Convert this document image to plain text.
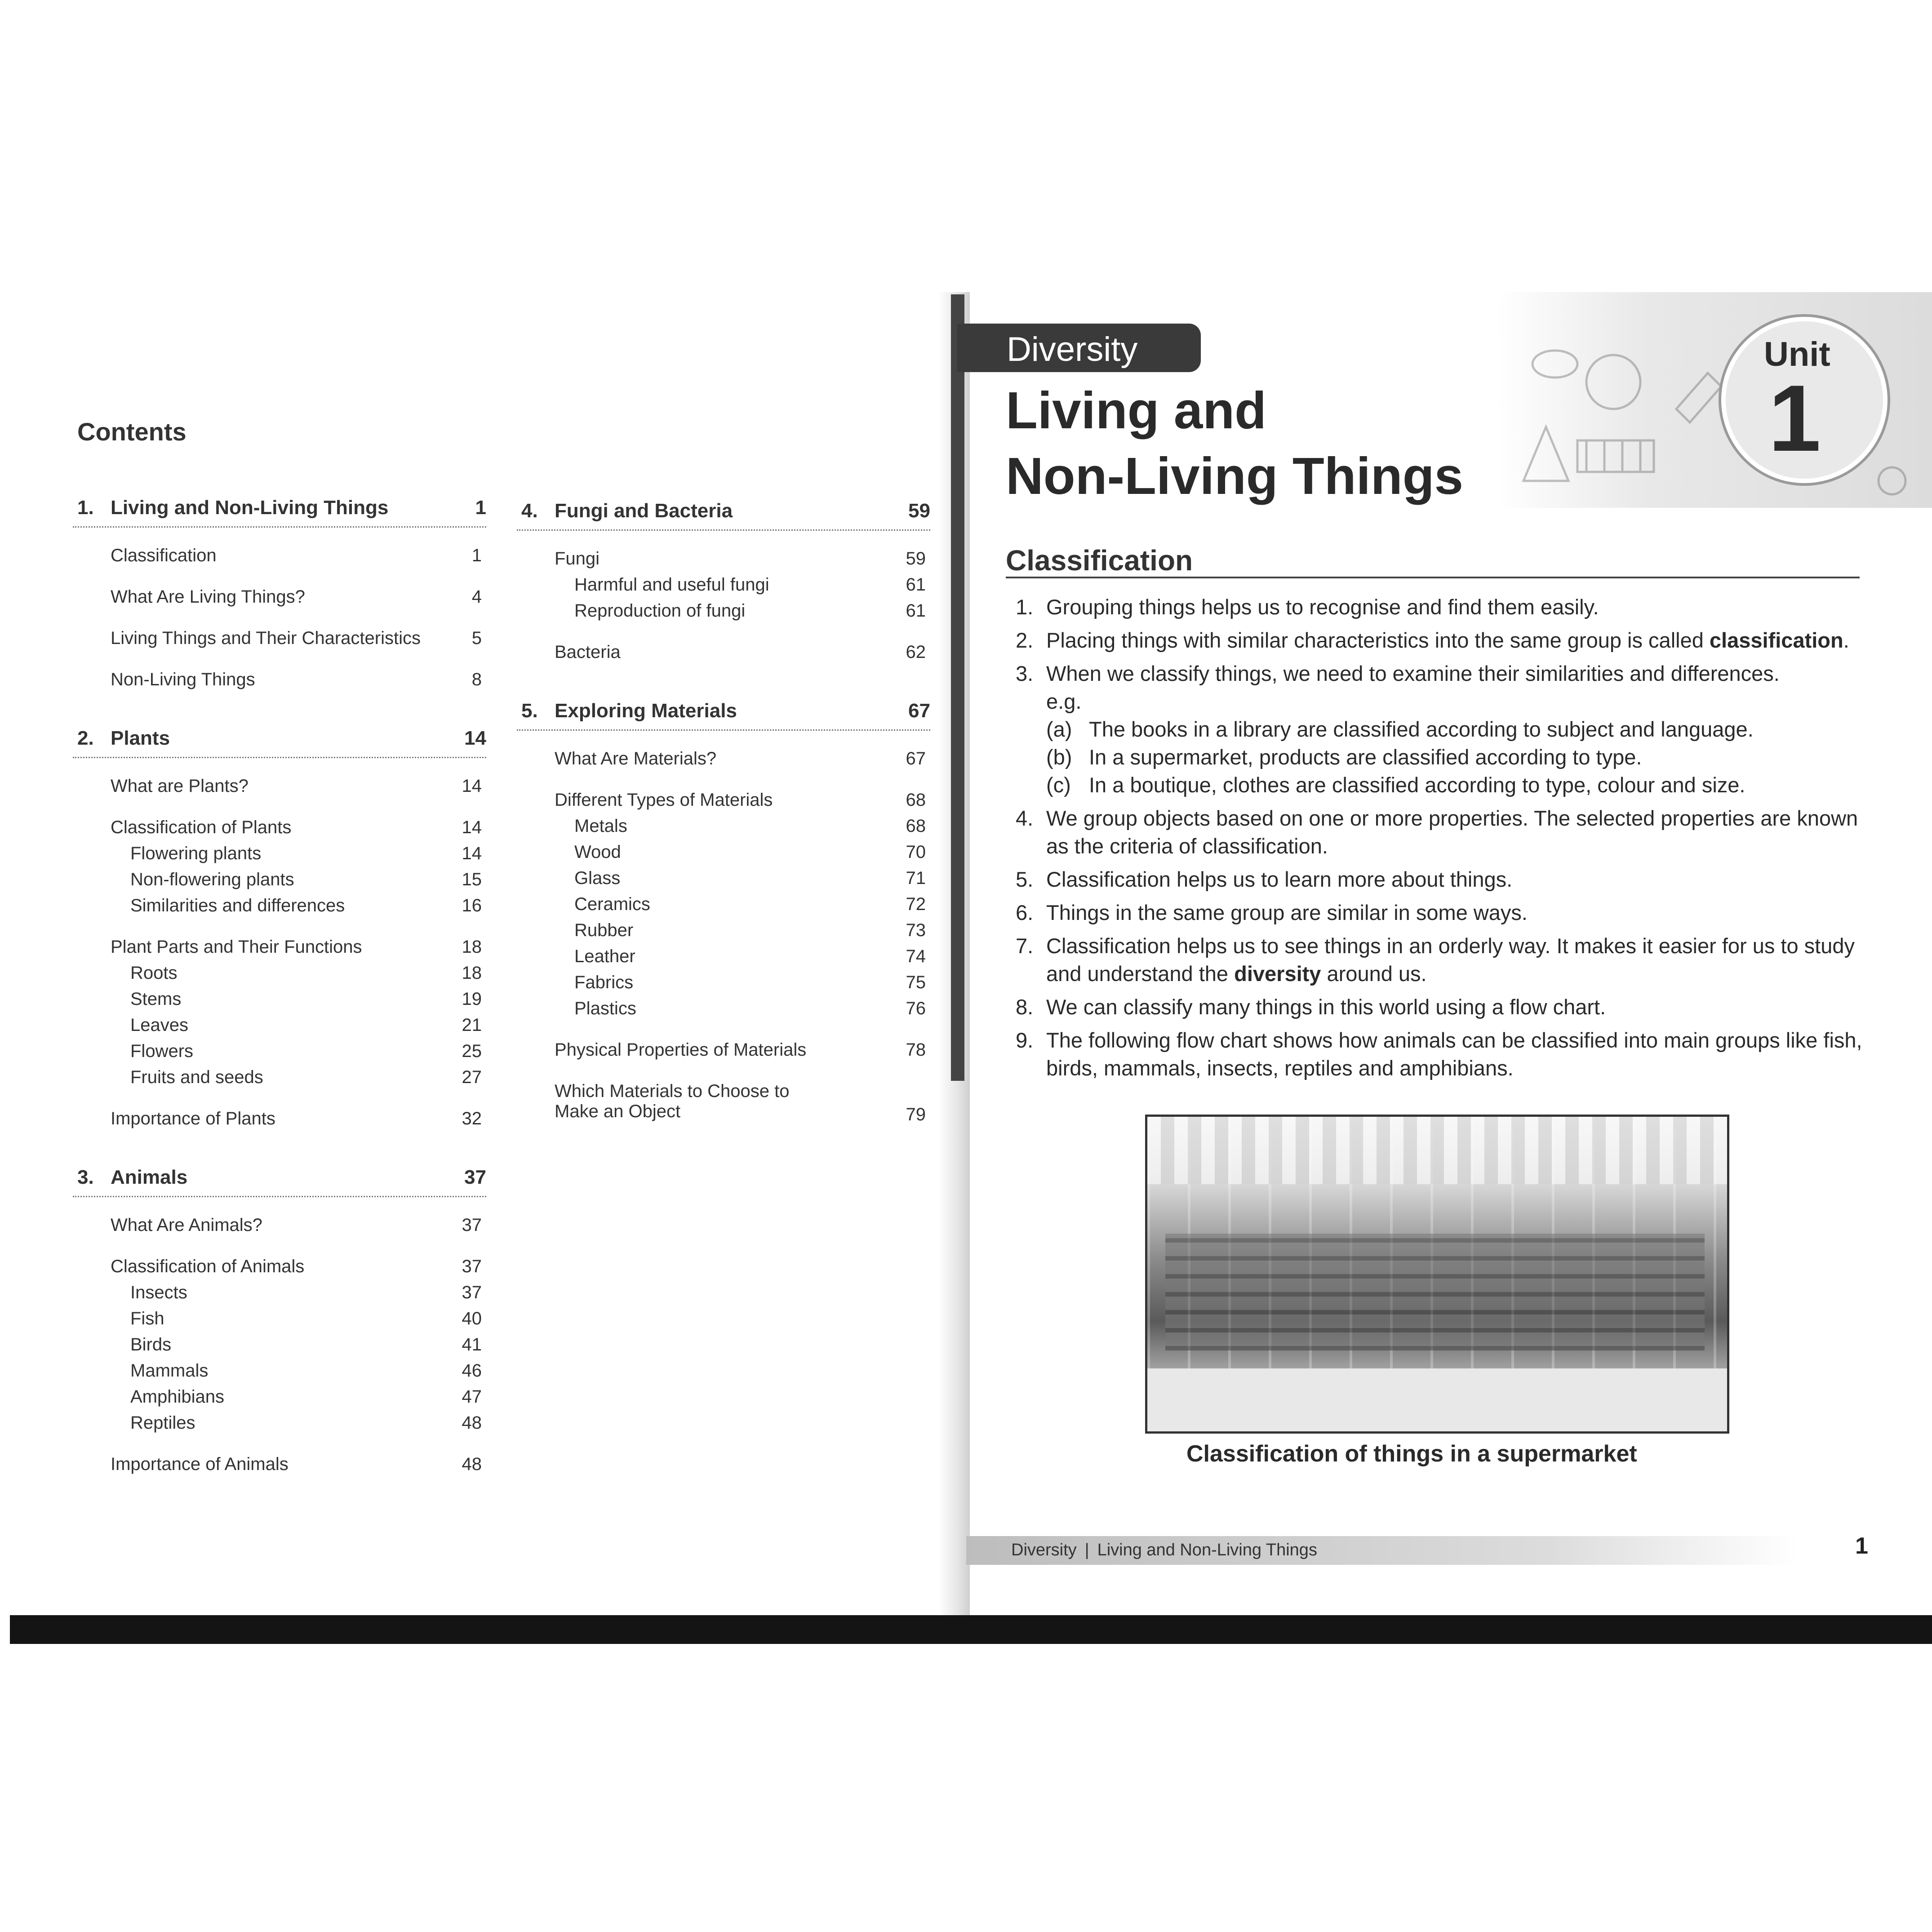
Contents
1. Living and Non-Living Things	1
Classification	1
What Are Living Things?	4
Living Things and Their Characteristics	5
Non-Living Things	8
2. Plants	14
What are Plants?	14
Classification of Plants	14
Flowering plants	14
Non-flowering plants	15
Similarities and differences	16
Plant Parts and Their Functions	18
Roots	18
Stems	19
Leaves	21
Flowers	25
Fruits and seeds	27
Importance of Plants	32
3. Animals	37
What Are Animals?	37
Classification of Animals	37
Insects	37
Fish	40
Birds	41
Mammals	46
Amphibians	47
Reptiles	48
Importance of Animals	48
4. Fungi and Bacteria	59
Fungi	59
Harmful and useful fungi	61
Reproduction of fungi	61
Bacteria	62
5. Exploring Materials	67
What Are Materials?	67
Different Types of Materials	68
Metals	68
Wood	70
Glass	71
Ceramics	72
Rubber	73
Leather	74
Fabrics	75
Plastics	76
Physical Properties of Materials	78
Which Materials to Choose to Make an Object	79
Unit
1
Diversity
Living and
Non-Living Things
Classification
1. Grouping things helps us to recognise and find them easily.
2. Placing things with similar characteristics into the same group is called classification.
3. When we classify things, we need to examine their similarities and differences.
e.g.
(a) The books in a library are classified according to subject and language.
(b) In a supermarket, products are classified according to type.
(c) In a boutique, clothes are classified according to type, colour and size.
4. We group objects based on one or more properties. The selected properties are known as the criteria of classification.
5. Classification helps us to learn more about things.
6. Things in the same group are similar in some ways.
7. Classification helps us to see things in an orderly way. It makes it easier for us to study and understand the diversity around us.
8. We can classify many things in this world using a flow chart.
9. The following flow chart shows how animals can be classified into main groups like fish, birds, mammals, insects, reptiles and amphibians.
Classification of things in a supermarket
Diversity | Living and Non-Living Things	1
